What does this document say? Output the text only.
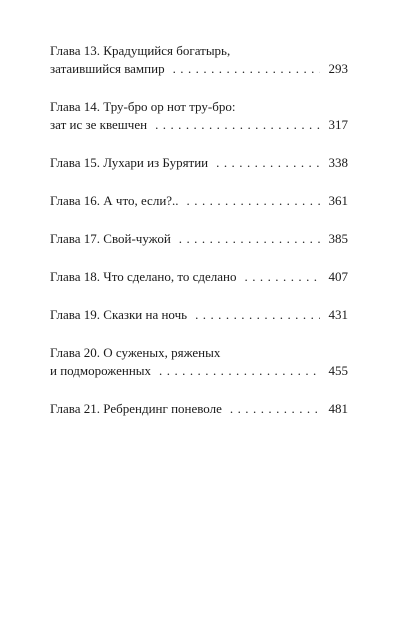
Глава 13. Крадущийся богатырь,
затаившийся вампир . . .	293
Глава 14. Тру-бро ор нот тру-бро:
зат ис зе квешчен . . .	317
Глава 15. Лухари из Бурятии . . .	338
Глава 16. А что, если?.. . . .	361
Глава 17. Свой-чужой . . .	385
Глава 18. Что сделано, то сделано . . .	407
Глава 19. Сказки на ночь . . .	431
Глава 20. О суженых, ряженых
и подмороженных . . .	455
Глава 21. Ребрендинг поневоле . . .	481
